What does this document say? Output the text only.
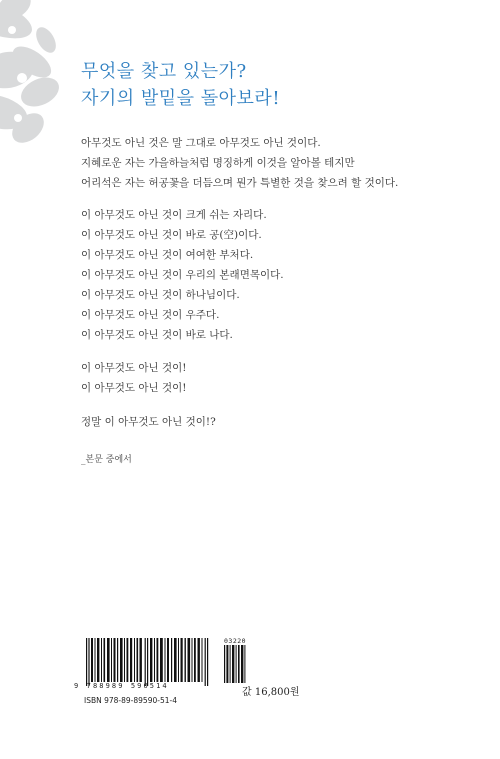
무엇을 찾고 있는가?
자기의 발밑을 돌아보라!
아무것도 아닌 것은 말 그대로 아무것도 아닌 것이다.
지혜로운 자는 가을하늘처럼 명징하게 이것을 알아볼 테지만
어리석은 자는 허공꽃을 더듬으며 뭔가 특별한 것을 찾으려 할 것이다.
이 아무것도 아닌 것이 크게 쉬는 자리다.
이 아무것도 아닌 것이 바로 공(空)이다.
이 아무것도 아닌 것이 여여한 부처다.
이 아무것도 아닌 것이 우리의 본래면목이다.
이 아무것도 아닌 것이 하나님이다.
이 아무것도 아닌 것이 우주다.
이 아무것도 아닌 것이 바로 나다.
이 아무것도 아닌 것이!
이 아무것도 아닌 것이!
정말 이 아무것도 아닌 것이!?
_본문 중에서
9 788989 590514
03220
ISBN 978-89-89590-51-4
값 16,800원
